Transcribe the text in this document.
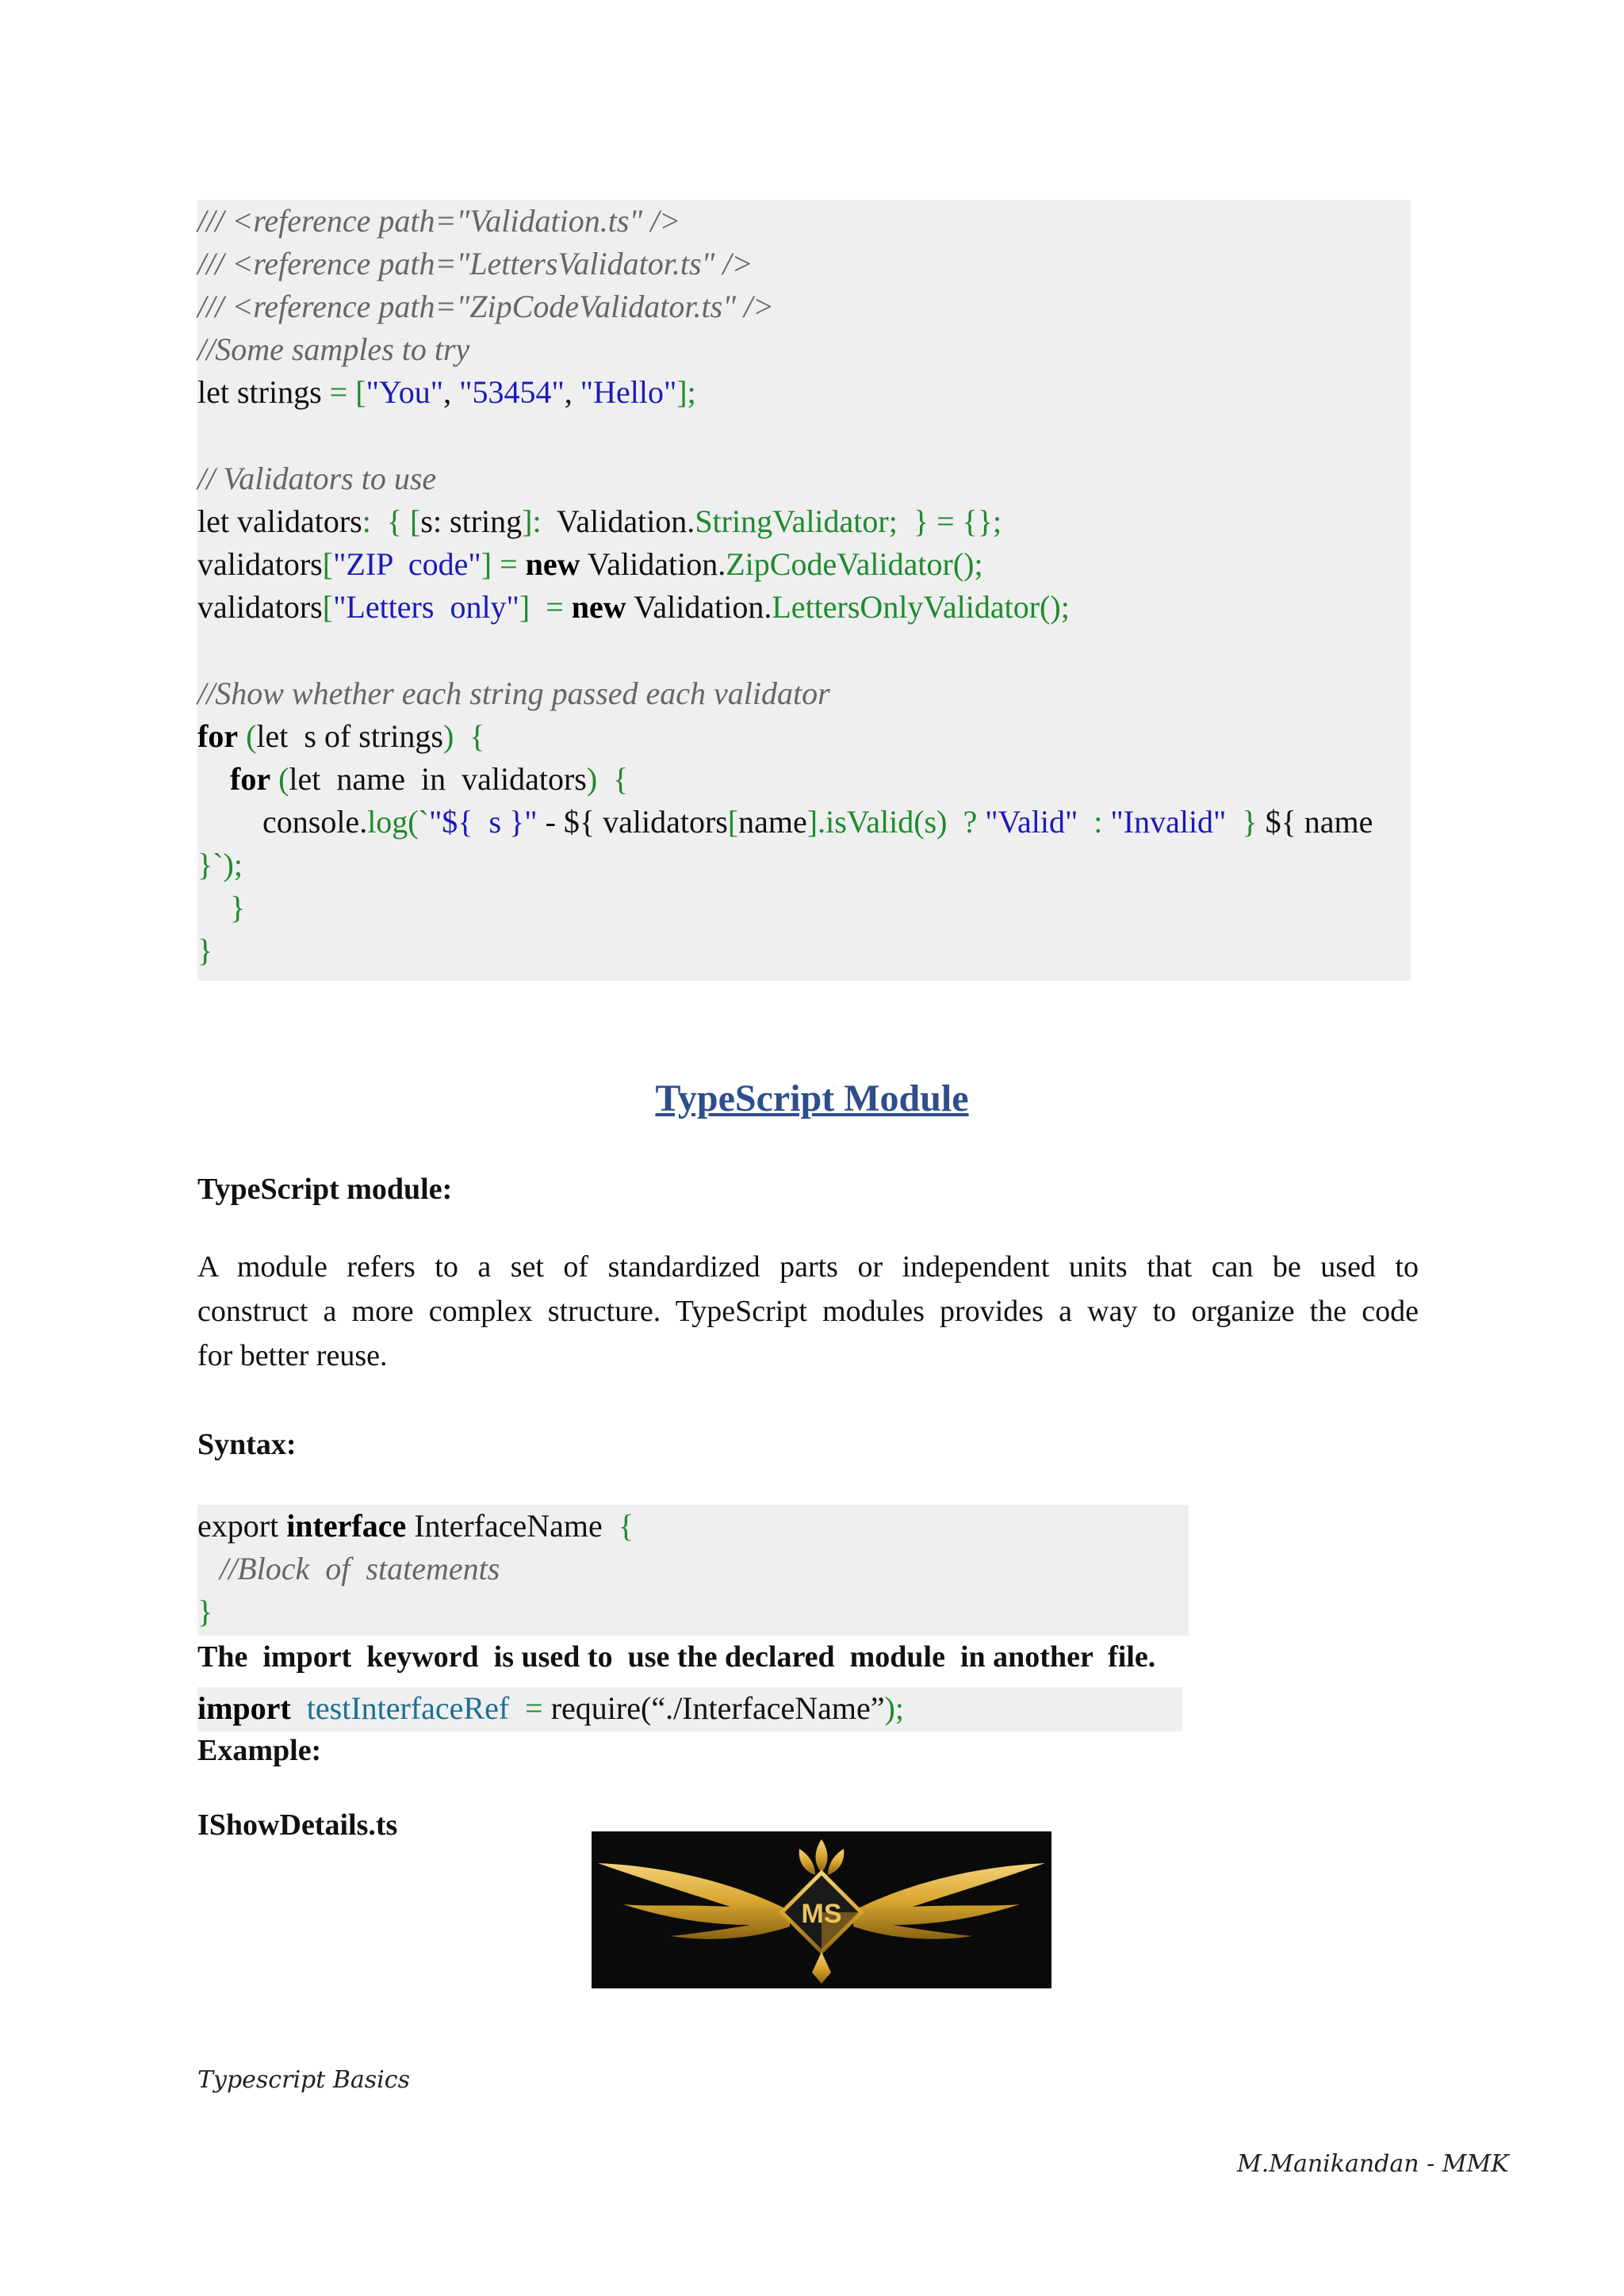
/// <reference path="Validation.ts" />
/// <reference path="LettersValidator.ts" />
/// <reference path="ZipCodeValidator.ts" />
//Some samples to try
let strings = ["You", "53454", "Hello"];
// Validators to use
let validators:  { [s: string]:  Validation.StringValidator;  } = {};
validators["ZIP  code"] = new Validation.ZipCodeValidator();
validators["Letters  only"]  = new Validation.LettersOnlyValidator();
//Show whether each string passed each validator
for (let  s of strings)  {
for (let  name  in  validators)  {
console.log(`"${  s }" - ${ validators[name].isValid(s)  ? "Valid"  : "Invalid"  } ${ name
}`);
}
}
TypeScript Module
TypeScript module:
A module refers to a set of standardized parts or independent units that can be used to
construct a more complex structure. TypeScript modules provides a way to organize the code
for better reuse.
Syntax:
export interface InterfaceName  {
//Block  of  statements
}
The  import  keyword  is used to  use the declared  module  in another  file.
import  testInterfaceRef  = require(“./InterfaceName”);
Example:
IShowDetails.ts
MS
Typescript Basics
M.Manikandan - MMK
